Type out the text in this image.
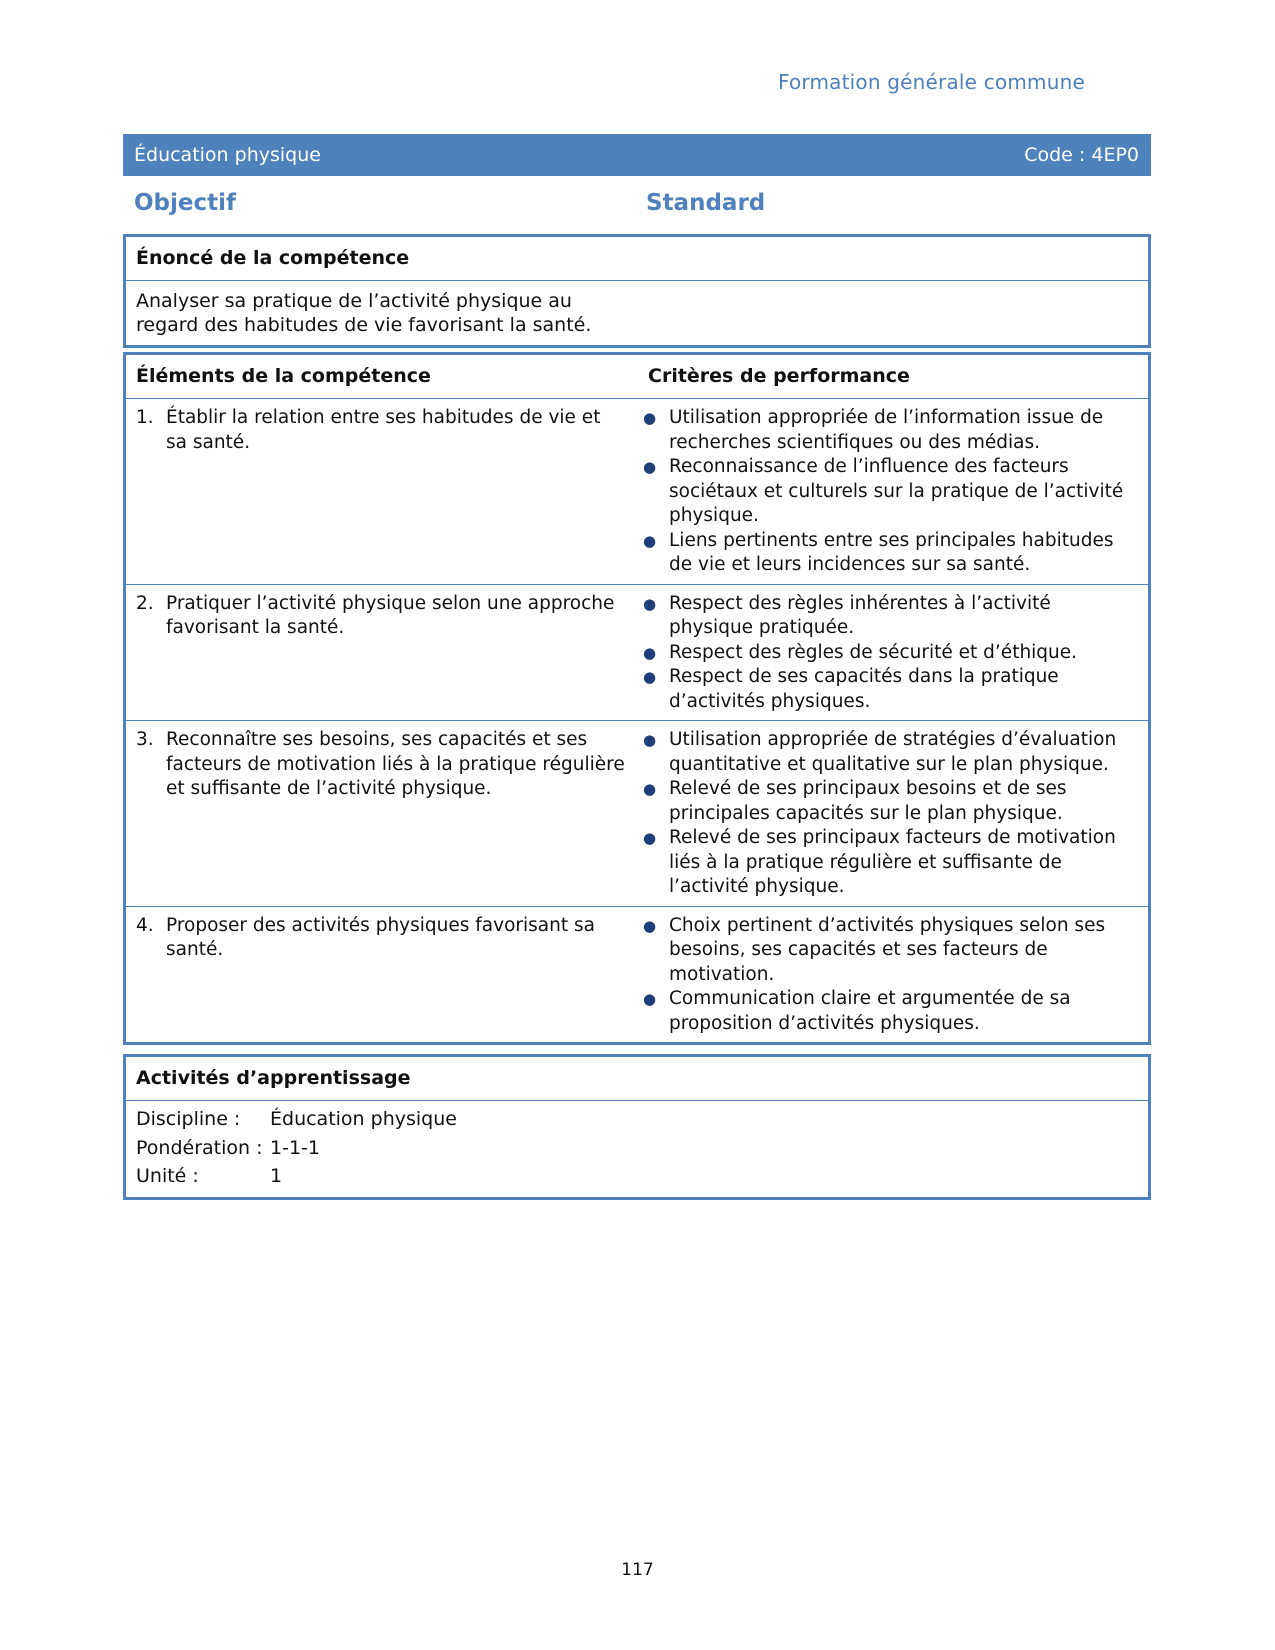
Formation générale commune
Éducation physique	Code : 4EP0
Objectif	Standard
Énoncé de la compétence
Analyser sa pratique de l’activité physique au regard des habitudes de vie favorisant la santé.
Éléments de la compétence	Critères de performance
1. Établir la relation entre ses habitudes de vie et sa santé.
● Utilisation appropriée de l’information issue de recherches scientifiques ou des médias.
● Reconnaissance de l’influence des facteurs sociétaux et culturels sur la pratique de l’activité physique.
● Liens pertinents entre ses principales habitudes de vie et leurs incidences sur sa santé.
2. Pratiquer l’activité physique selon une approche favorisant la santé.
● Respect des règles inhérentes à l’activité physique pratiquée.
● Respect des règles de sécurité et d’éthique.
● Respect de ses capacités dans la pratique d’activités physiques.
3. Reconnaître ses besoins, ses capacités et ses facteurs de motivation liés à la pratique régulière et suffisante de l’activité physique.
● Utilisation appropriée de stratégies d’évaluation quantitative et qualitative sur le plan physique.
● Relevé de ses principaux besoins et de ses principales capacités sur le plan physique.
● Relevé de ses principaux facteurs de motivation liés à la pratique régulière et suffisante de l’activité physique.
4. Proposer des activités physiques favorisant sa santé.
● Choix pertinent d’activités physiques selon ses besoins, ses capacités et ses facteurs de motivation.
● Communication claire et argumentée de sa proposition d’activités physiques.
Activités d’apprentissage
Discipline :	Éducation physique
Pondération : 1-1-1
Unité :	1
117
